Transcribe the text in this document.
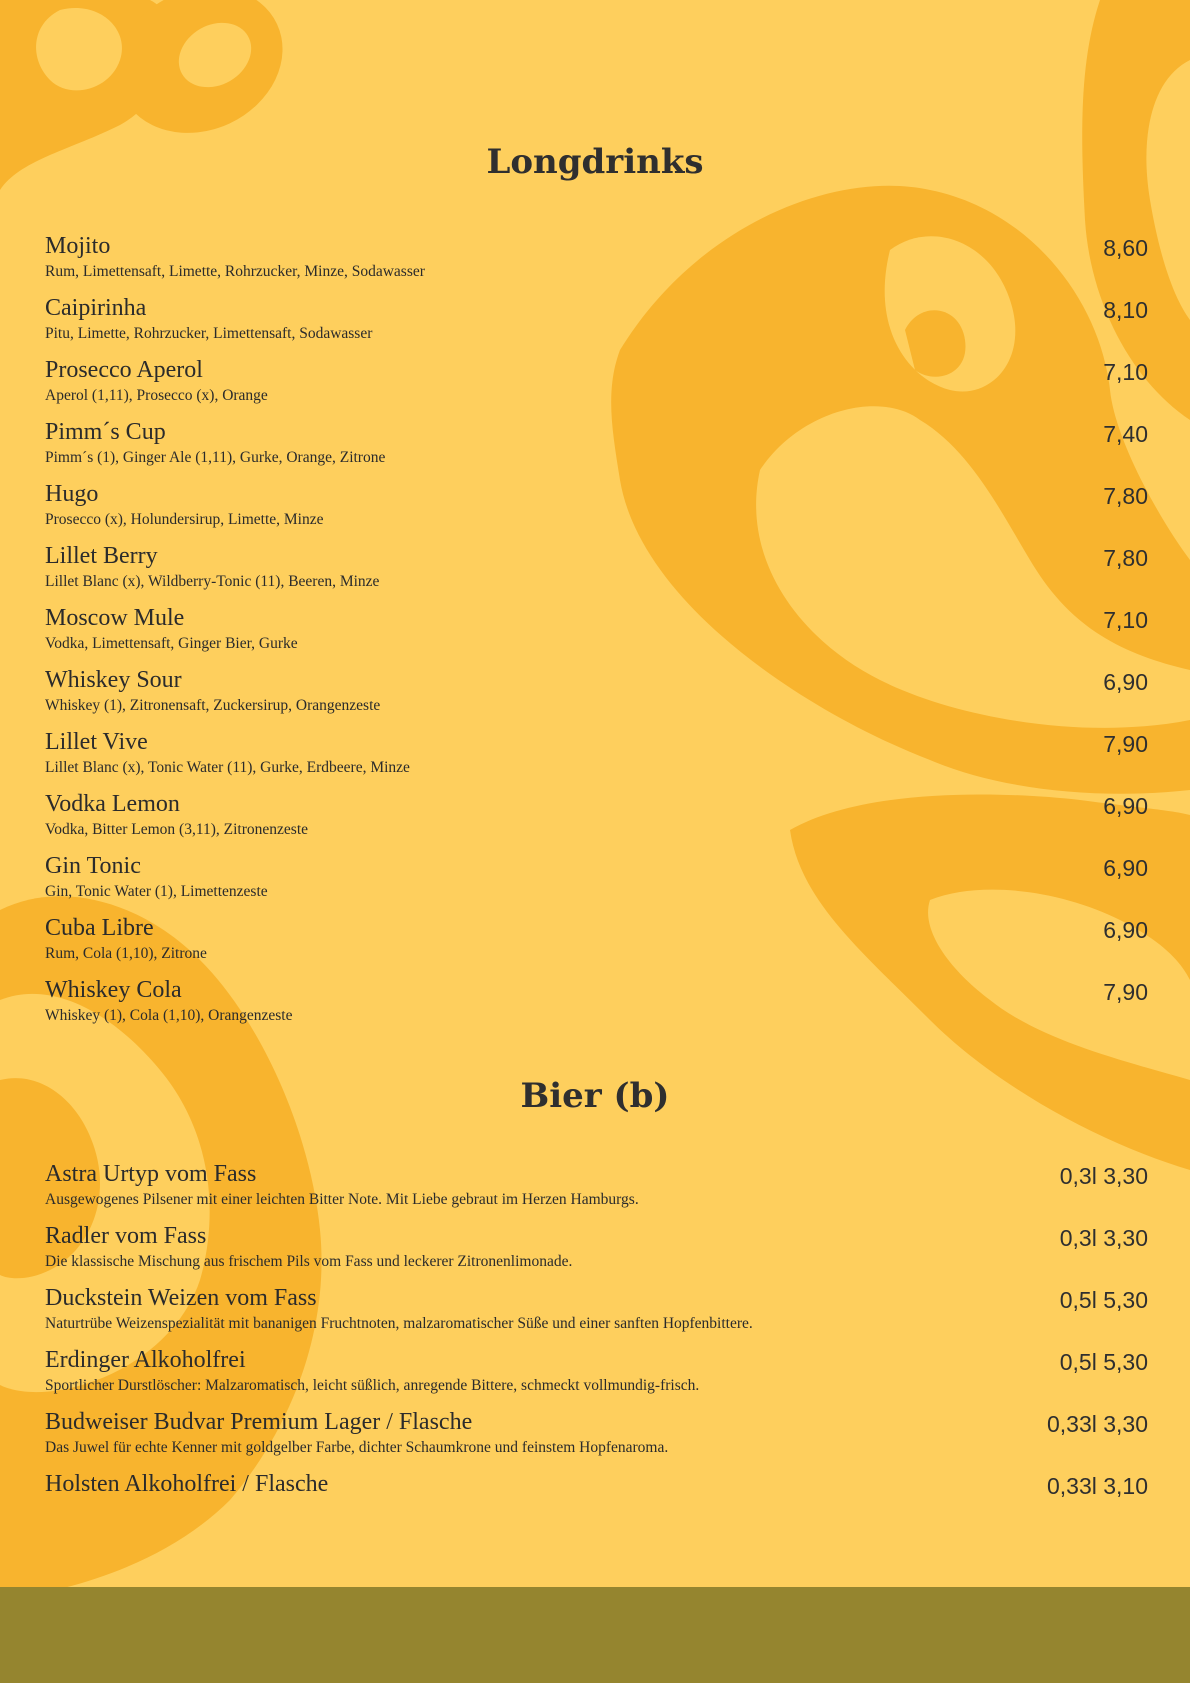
Longdrinks
Mojito	8,60
Rum, Limettensaft, Limette, Rohrzucker, Minze, Sodawasser
Caipirinha	8,10
Pitu, Limette, Rohrzucker, Limettensaft, Sodawasser
Prosecco Aperol	7,10
Aperol (1,11), Prosecco (x), Orange
Pimm´s Cup	7,40
Pimm´s (1), Ginger Ale (1,11), Gurke, Orange, Zitrone
Hugo	7,80
Prosecco (x), Holundersirup, Limette, Minze
Lillet Berry	7,80
Lillet Blanc (x), Wildberry-Tonic (11), Beeren, Minze
Moscow Mule	7,10
Vodka, Limettensaft, Ginger Bier, Gurke
Whiskey Sour	6,90
Whiskey (1), Zitronensaft, Zuckersirup, Orangenzeste
Lillet Vive	7,90
Lillet Blanc (x), Tonic Water (11), Gurke, Erdbeere, Minze
Vodka Lemon	6,90
Vodka, Bitter Lemon (3,11), Zitronenzeste
Gin Tonic	6,90
Gin, Tonic Water (1), Limettenzeste
Cuba Libre	6,90
Rum, Cola (1,10), Zitrone
Whiskey Cola	7,90
Whiskey (1), Cola (1,10), Orangenzeste
Bier (b)
Astra Urtyp vom Fass	0,3l 3,30
Ausgewogenes Pilsener mit einer leichten Bitter Note. Mit Liebe gebraut im Herzen Hamburgs.
Radler vom Fass	0,3l 3,30
Die klassische Mischung aus frischem Pils vom Fass und leckerer Zitronenlimonade.
Duckstein Weizen vom Fass	0,5l 5,30
Naturtrübe Weizenspezialität mit bananigen Fruchtnoten, malzaromatischer Süße und einer sanften Hopfenbittere.
Erdinger Alkoholfrei	0,5l 5,30
Sportlicher Durstlöscher: Malzaromatisch, leicht süßlich, anregende Bittere, schmeckt vollmundig-frisch.
Budweiser Budvar Premium Lager / Flasche	0,33l 3,30
Das Juwel für echte Kenner mit goldgelber Farbe, dichter Schaumkrone und feinstem Hopfenaroma.
Holsten Alkoholfrei / Flasche	0,33l 3,10
